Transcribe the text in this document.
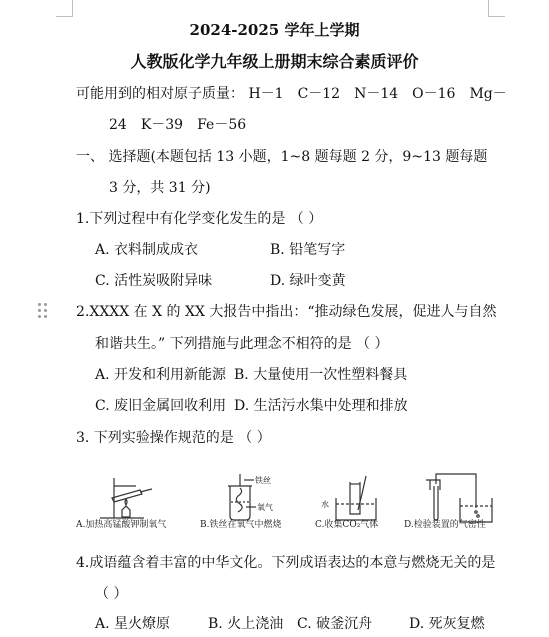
2024-2025 学年上学期
人教版化学九年级上册期末综合素质评价
可能用到的相对原子质量： H－1　C－12　N－14　O－16　Mg－
24　K－39　Fe－56
一、 选择题(本题包括 13 小题，1~8 题每题 2 分，9~13 题每题
3 分，共 31 分)
1.下列过程中有化学变化发生的是 （ ）
A. 衣料制成成衣	B. 铅笔写字
C. 活性炭吸附异味	D. 绿叶变黄
2.XXXX 在 X 的 XX 大报告中指出：“推动绿色发展，促进人与自然
和谐共生。” 下列措施与此理念不相符的是 （ ）
A. 开发和利用新能源 B. 大量使用一次性塑料餐具
C. 废旧金属回收利用 D. 生活污水集中处理和排放
3. 下列实验操作规范的是 （ ）
A.加热高锰酸钾制氧气
铁丝
氧气
B.铁丝在氧气中燃烧
水
C.收集CO₂气体	D.检验装置的气密性
4.成语蕴含着丰富的中华文化。下列成语表达的本意与燃烧无关的是
（ ）
A. 星火燎原	B. 火上浇油 C. 破釜沉舟	D. 死灰复燃
